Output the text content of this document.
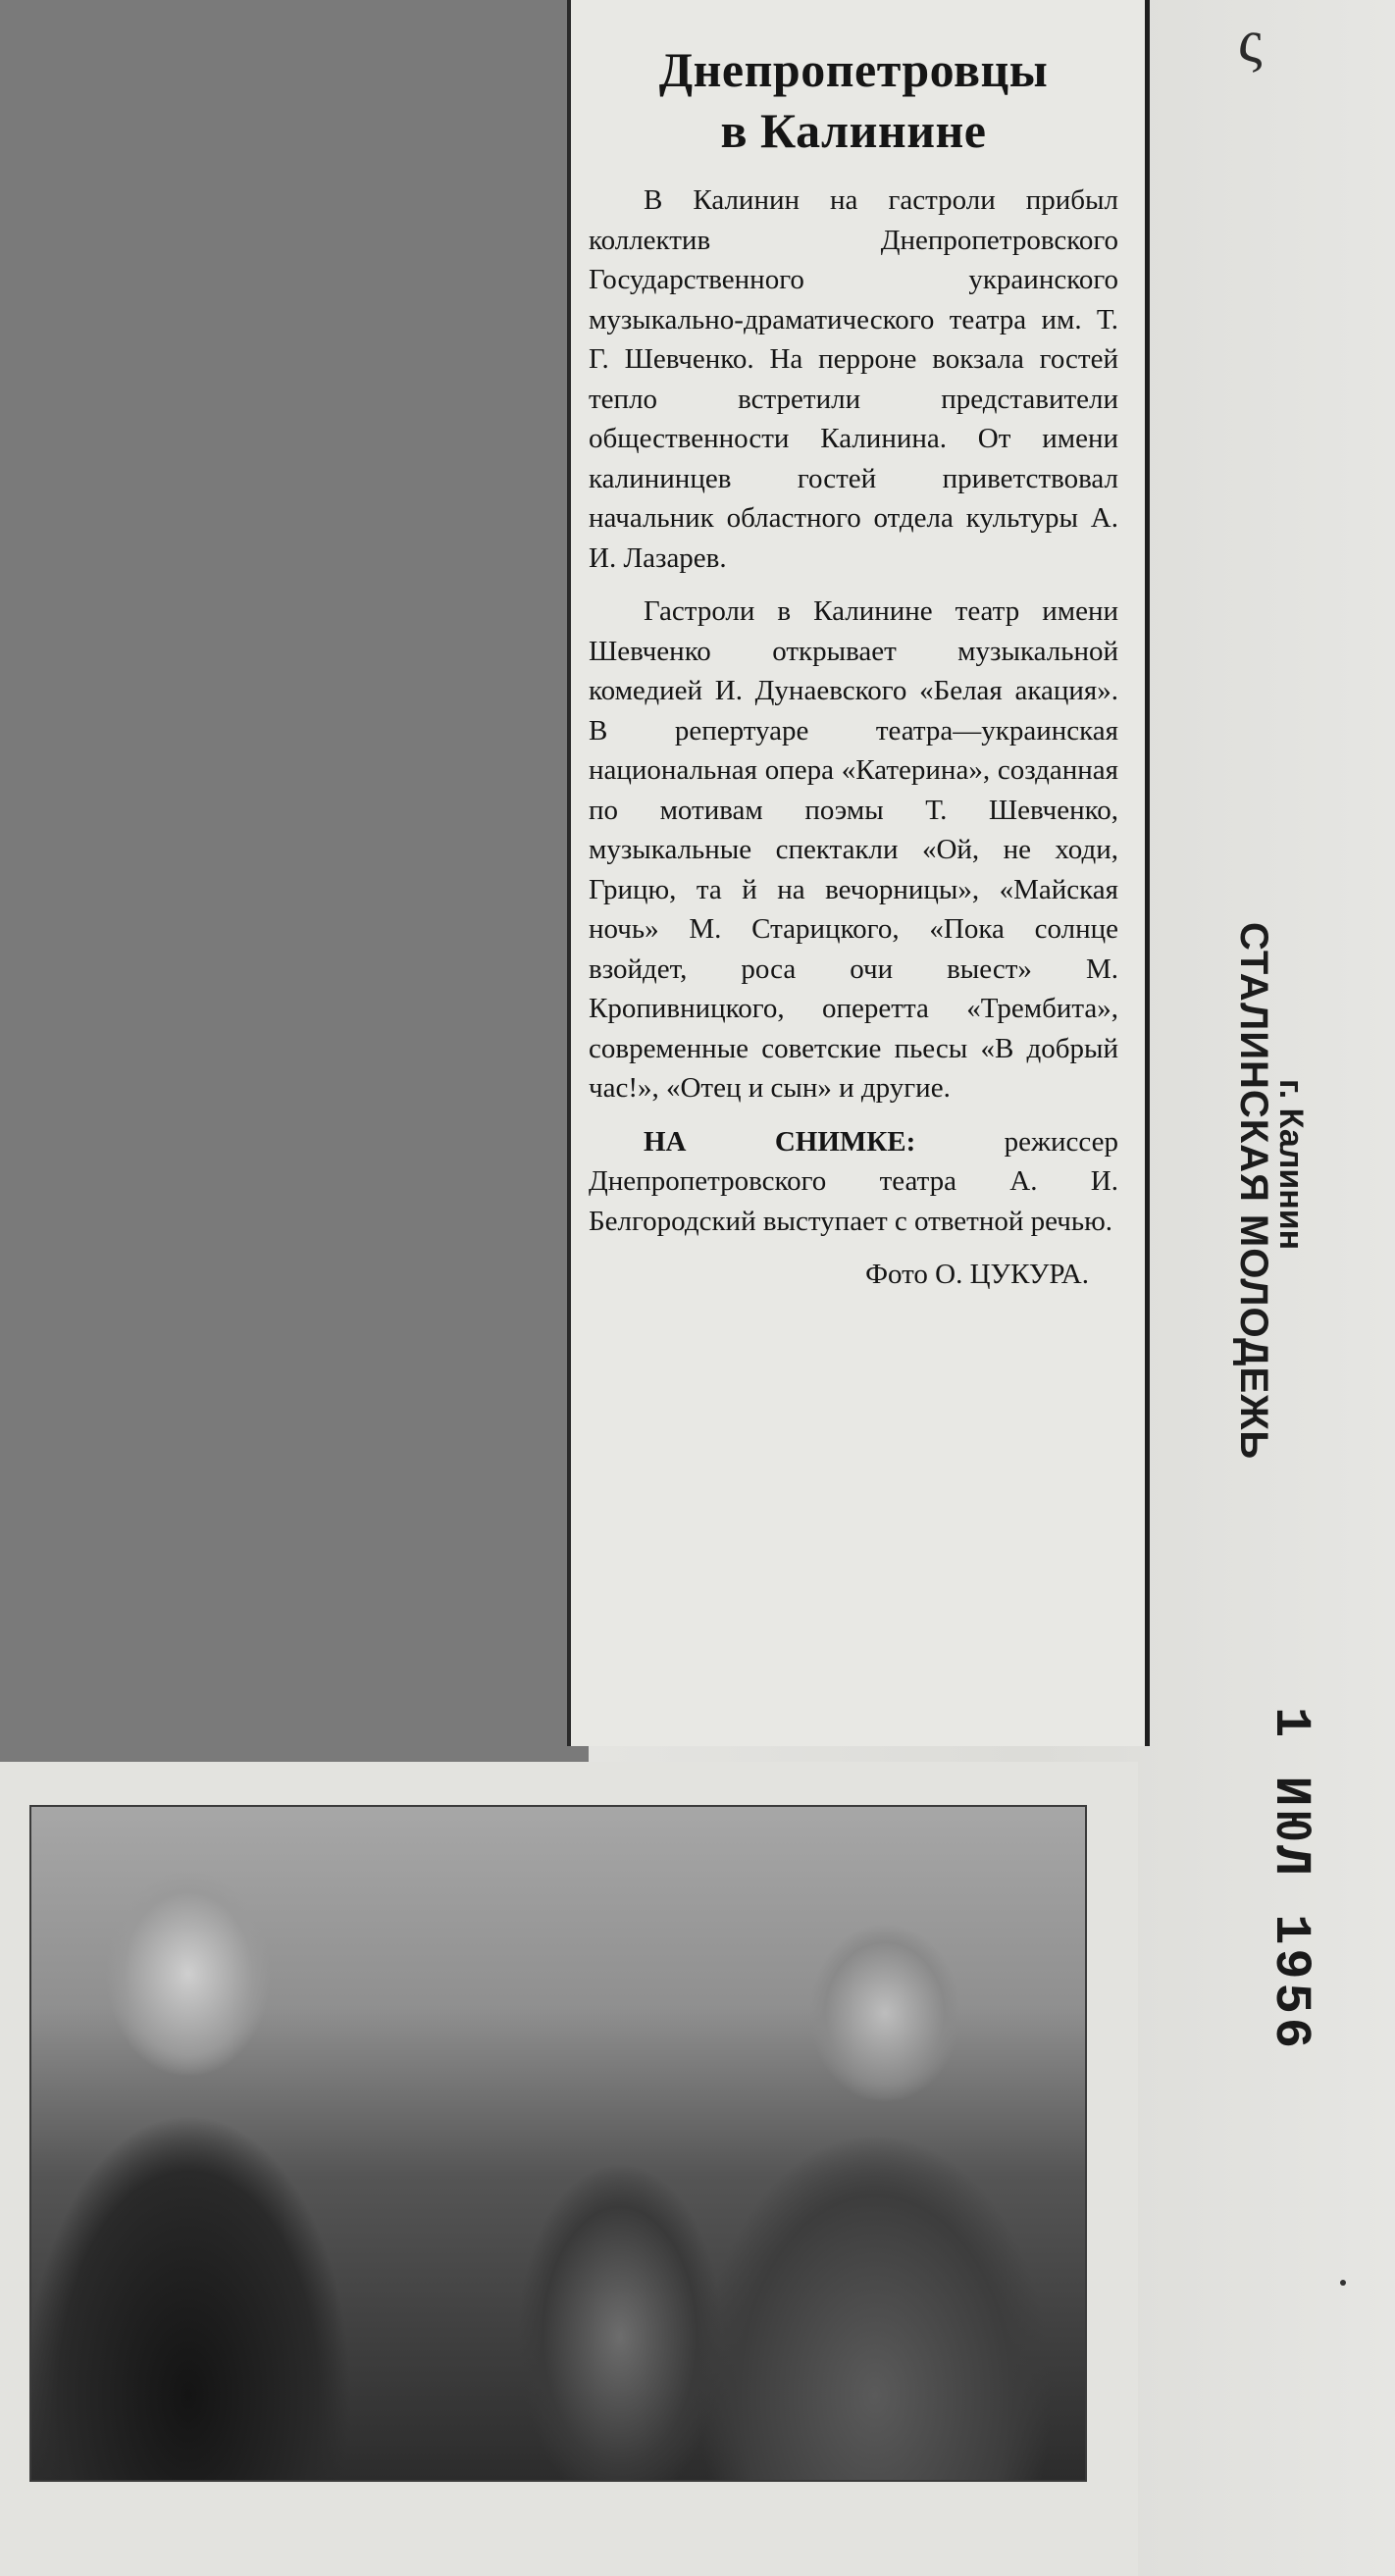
ς
Днепропетровцы
в Калинине

В Калинин на гастроли прибыл коллектив Днепропетровского Государственного украинского музыкально-драматического театра им. Т. Г. Шевченко. На перроне вокзала гостей тепло встретили представители общественности Калинина. От имени калининцев гостей приветствовал начальник областного отдела культуры А. И. Лазарев.

Гастроли в Калинине театр имени Шевченко открывает музыкальной комедией И. Дунаевского «Белая акация». В репертуаре театра—украинская национальная опера «Катерина», созданная по мотивам поэмы Т. Шевченко, музыкальные спектакли «Ой, не ходи, Грицю, та й на вечорницы», «Майская ночь» М. Старицкого, «Пока солнце взойдет, роса очи выест» М. Кропивницкого, оперетта «Трембита», современные советские пьесы «В добрый час!», «Отец и сын» и другие.

НА СНИМКЕ: режиссер Днепропетровского театра А. И. Белгородский выступает с ответной речью.

Фото О. ЦУКУРА.	СТАЛИНСКАЯ МОЛОДЕЖЬ
г. Калинин
1 ИЮЛ 1956
